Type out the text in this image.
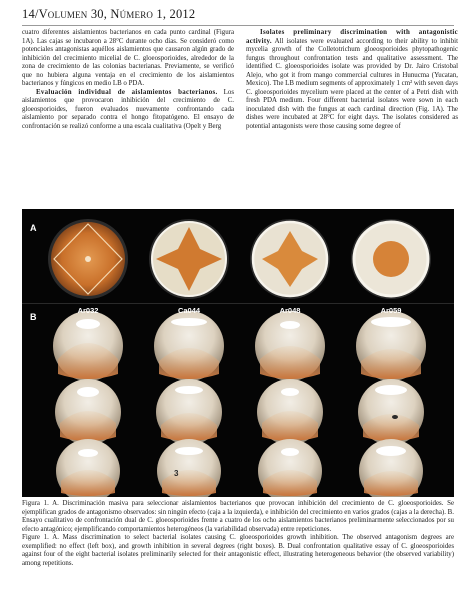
14/Volumen 30, Número 1, 2012

cuatro diferentes aislamientos bacterianos en cada punto cardinal (Figura 1A). Las cajas se incubaron a 28°C durante ocho días. Se consideró como potenciales antagonistas aquéllos aislamientos que causaron algún grado de inhibición del crecimiento micelial de C. gloeosporioides, alrededor de la zona de crecimiento de las colonias bacterianas. Previamente, se verificó que no hubiera alguna ventaja en el crecimiento de los aislamientos bacterianos y fúngicos en medio LB o PDA.

Evaluación individual de aislamientos bacterianos. Los aislamientos que provocaron inhibición del crecimiento de C. gloeosporioides, fueron evaluados nuevamente confrontando cada aislamiento por separado contra el hongo fitopatógeno. El ensayo de confrontación se realizó conforme a una escala cualitativa (Opelt y Berg

Isolates preliminary discrimination with antagonistic activity. All isolates were evaluated according to their ability to inhibit mycelia growth of the Colletotrichum gloeosporioides phytopathogenic fungus throughout confrontation tests and qualitative assessment. The identified C. gloeosporioides isolate was provided by Dr. Jairo Cristobal Alejo, who got it from mango commercial cultures in Hunucma (Yucatan, Mexico). The LB medium segments of approximately 1 cm² with seven days C. gloeosporioides mycelium were placed at the center of a Petri dish with fresh PDA medium. Four different bacterial isolates were sown in each inoculated dish with the fungus at each cardinal direction (Fig. 1A). The dishes were incubated at 28°C for eight days. The isolates considered as potential antagonists were those causing some degree of

A
B
Ar032	Ca044	Ar048	Ar059
3

Figura 1. A. Discriminación masiva para seleccionar aislamientos bacterianos que provocan inhibición del crecimiento de C. gloeosporioides. Se ejemplifican grados de antagonismo observados: sin ningún efecto (caja a la izquierda), e inhibición del crecimiento en varios grados (cajas a la derecha). B. Ensayo cualitativo de confrontación dual de C. gloeosporioides frente a cuatro de los ocho aislamientos bacterianos preliminarmente seleccionados por su efecto antagónico; ejemplificando comportamientos heterogéneos (la variabilidad observada) entre repeticiones.

Figure 1. A. Mass discrimination to select bacterial isolates causing C. gloeosporioides growth inhibition. The observed antagonism degrees are exemplified: no effect (left box), and growth inhibition in several degrees (right boxes). B. Dual confrontation qualitative essay of C. gloeosporioides against four of the eight bacterial isolates preliminarily selected for their antagonistic effect, illustrating heterogeneous behavior (the observed variability) among repetitions.
